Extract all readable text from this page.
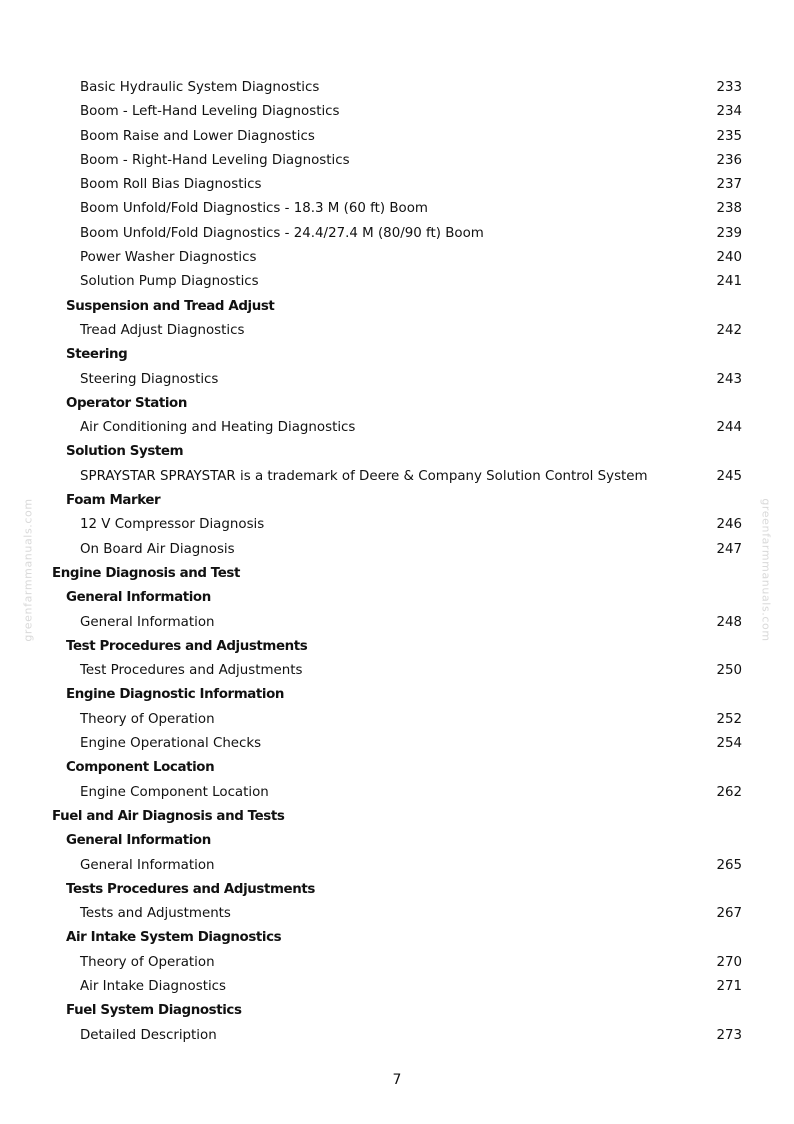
greenfarmmanuals.com	greenfarmmanuals.com
Basic Hydraulic System Diagnostics	233
Boom - Left-Hand Leveling Diagnostics	234
Boom Raise and Lower Diagnostics	235
Boom - Right-Hand Leveling Diagnostics	236
Boom Roll Bias Diagnostics	237
Boom Unfold/Fold Diagnostics - 18.3 M (60 ft) Boom	238
Boom Unfold/Fold Diagnostics - 24.4/27.4 M (80/90 ft) Boom	239
Power Washer Diagnostics	240
Solution Pump Diagnostics	241
Suspension and Tread Adjust
Tread Adjust Diagnostics	242
Steering
Steering Diagnostics	243
Operator Station
Air Conditioning and Heating Diagnostics	244
Solution System
SPRAYSTAR SPRAYSTAR is a trademark of Deere & Company Solution Control System	245
Foam Marker
12 V Compressor Diagnosis	246
On Board Air Diagnosis	247
Engine Diagnosis and Test
General Information
General Information	248
Test Procedures and Adjustments
Test Procedures and Adjustments	250
Engine Diagnostic Information
Theory of Operation	252
Engine Operational Checks	254
Component Location
Engine Component Location	262
Fuel and Air Diagnosis and Tests
General Information
General Information	265
Tests Procedures and Adjustments
Tests and Adjustments	267
Air Intake System Diagnostics
Theory of Operation	270
Air Intake Diagnostics	271
Fuel System Diagnostics
Detailed Description	273
7
